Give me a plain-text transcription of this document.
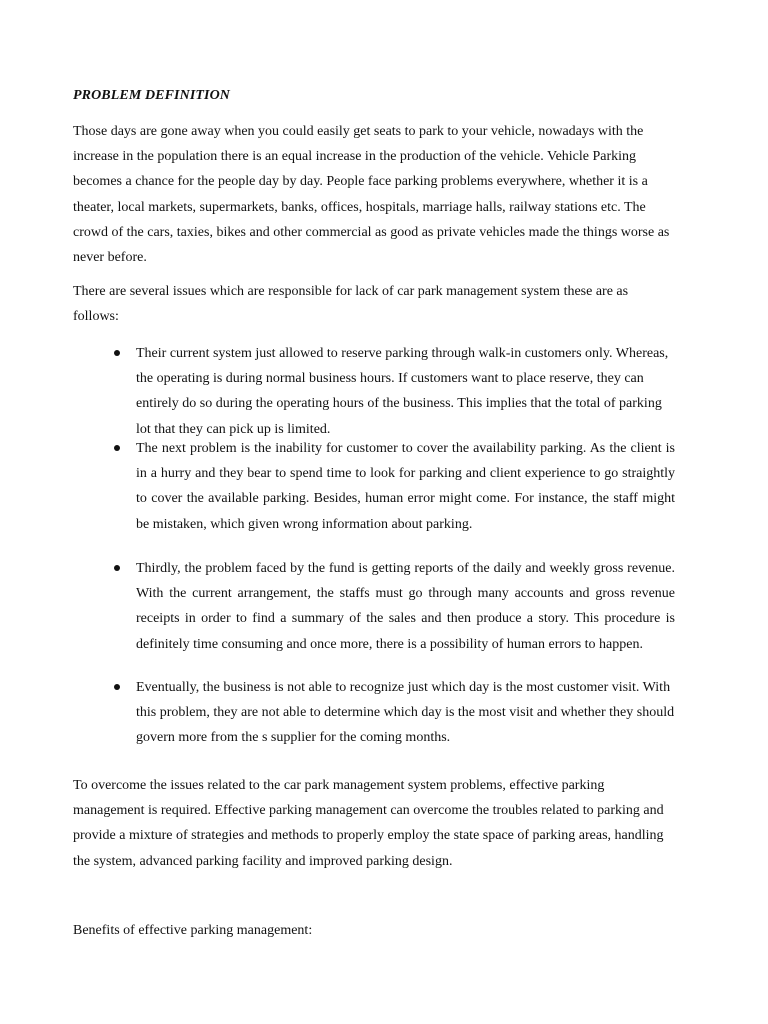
PROBLEM DEFINITION

Those days are gone away when you could easily get seats to park to your vehicle, nowadays with the increase in the population there is an equal increase in the production of the vehicle. Vehicle Parking becomes a chance for the people day by day. People face parking problems everywhere, whether it is a theater, local markets, supermarkets, banks, offices, hospitals, marriage halls, railway stations etc. The crowd of the cars, taxies, bikes and other commercial as good as private vehicles made the things worse as never before.

There are several issues which are responsible for lack of car park management system these are as follows:

Their current system just allowed to reserve parking through walk-in customers only. Whereas, the operating is during normal business hours. If customers want to place reserve, they can entirely do so during the operating hours of the business. This implies that the total of parking lot that they can pick up is limited.
The next problem is the inability for customer to cover the availability parking. As the client is in a hurry and they bear to spend time to look for parking and client experience to go straightly to cover the available parking. Besides, human error might come. For instance, the staff might be mistaken, which given wrong information about parking.
Thirdly, the problem faced by the fund is getting reports of the daily and weekly gross revenue. With the current arrangement, the staffs must go through many accounts and gross revenue receipts in order to find a summary of the sales and then produce a story. This procedure is definitely time consuming and once more, there is a possibility of human errors to happen.
Eventually, the business is not able to recognize just which day is the most customer visit. With this problem, they are not able to determine which day is the most visit and whether they should govern more from the s supplier for the coming months.

To overcome the issues related to the car park management system problems, effective parking management is required. Effective parking management can overcome the troubles related to parking and provide a mixture of strategies and methods to properly employ the state space of parking areas, handling the system, advanced parking facility and improved parking design.

Benefits of effective parking management:
